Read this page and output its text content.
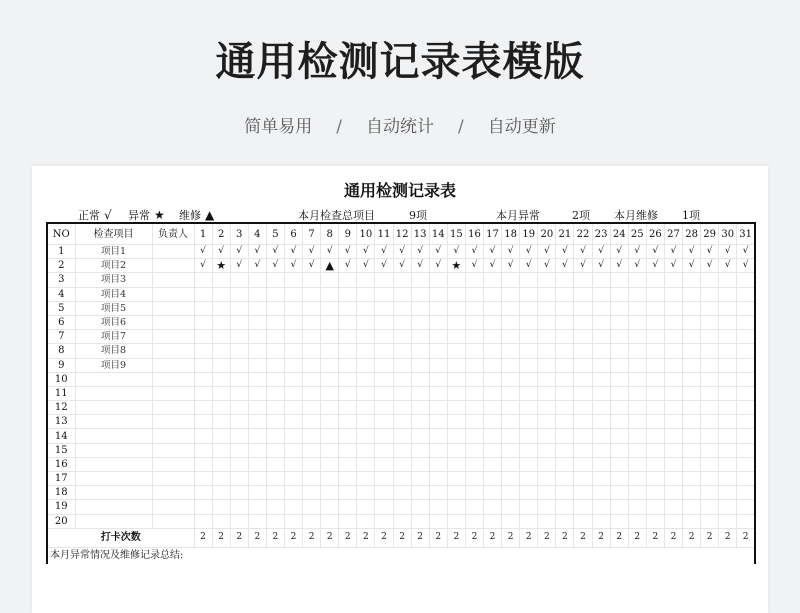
通用检测记录表模版
简单易用 / 自动统计 / 自动更新
通用检测记录表
正常 √ 异常 ★ 维修 ▲	本月检查总项目	9项	本月异常	2项 本月维修 1项
NO	检查项目	负责人	1	2	3	4	5	6	7	8	9	10	11	12	13	14	15	16	17	18	19	20	21	22	23	24	25	26	27	28	29	30	31
1	项目1		√	√	√	√	√	√	√	√	√	√	√	√	√	√	√	√	√	√	√	√	√	√	√	√	√	√	√	√	√	√	√
2	项目2		√	★	√	√	√	√	√	▲	√	√	√	√	√	√	★	√	√	√	√	√	√	√	√	√	√	√	√	√	√	√	√
3	项目3																																
4	项目4																																
5	项目5																																
6	项目6																																
7	项目7																																
8	项目8																																
9	项目9																																
10																																	
11																																	
12																																	
13																																	
14																																	
15																																	
16																																	
17																																	
18																																	
19																																	
20																																	
打卡次数			2	2	2	2	2	2	2	2	2	2	2	2	2	2	2	2	2	2	2	2	2	2	2	2	2	2	2	2	2	2	2
本月异常情况及维修记录总结:																																	
